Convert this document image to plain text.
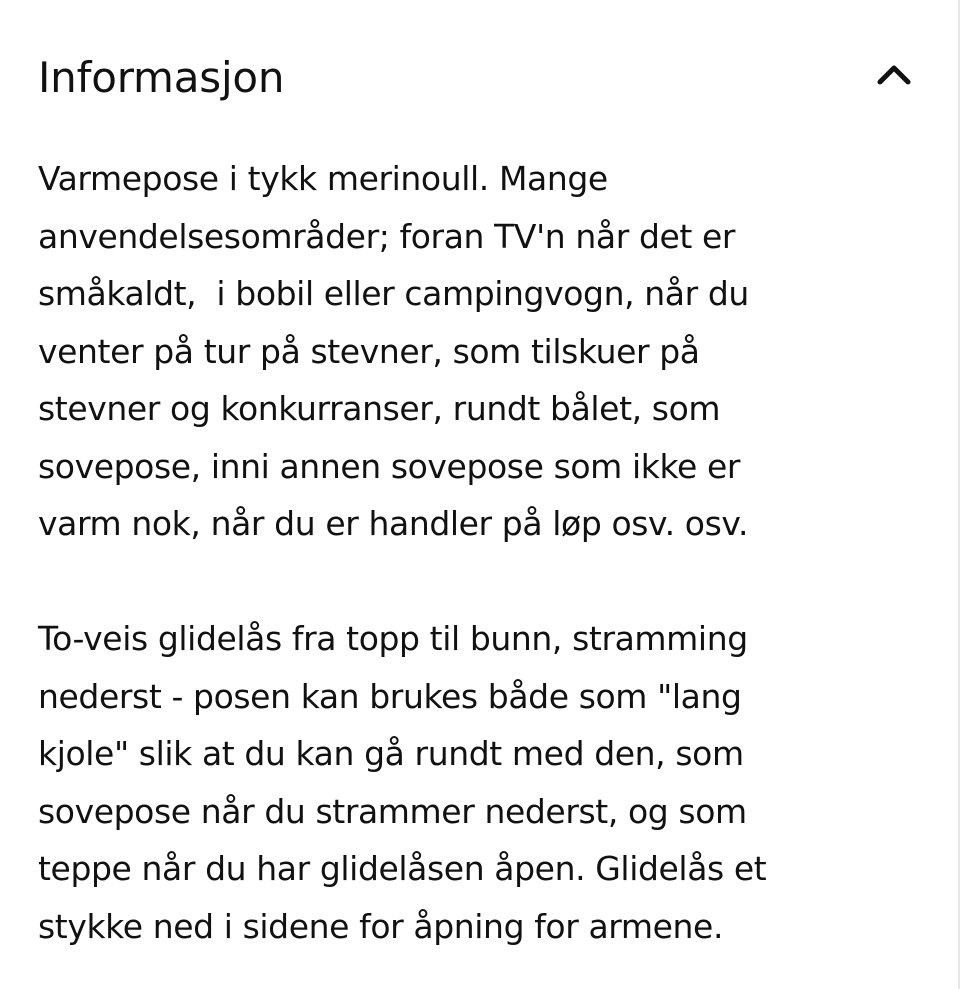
Informasjon
Varmepose i tykk merinoull. Mange
anvendelsesområder; foran TV'n når det er
småkaldt,  i bobil eller campingvogn, når du
venter på tur på stevner, som tilskuer på
stevner og konkurranser, rundt bålet, som
sovepose, inni annen sovepose som ikke er
varm nok, når du er handler på løp osv. osv.
To-veis glidelås fra topp til bunn, stramming
nederst - posen kan brukes både som "lang
kjole" slik at du kan gå rundt med den, som
sovepose når du strammer nederst, og som
teppe når du har glidelåsen åpen. Glidelås et
stykke ned i sidene for åpning for armene.
